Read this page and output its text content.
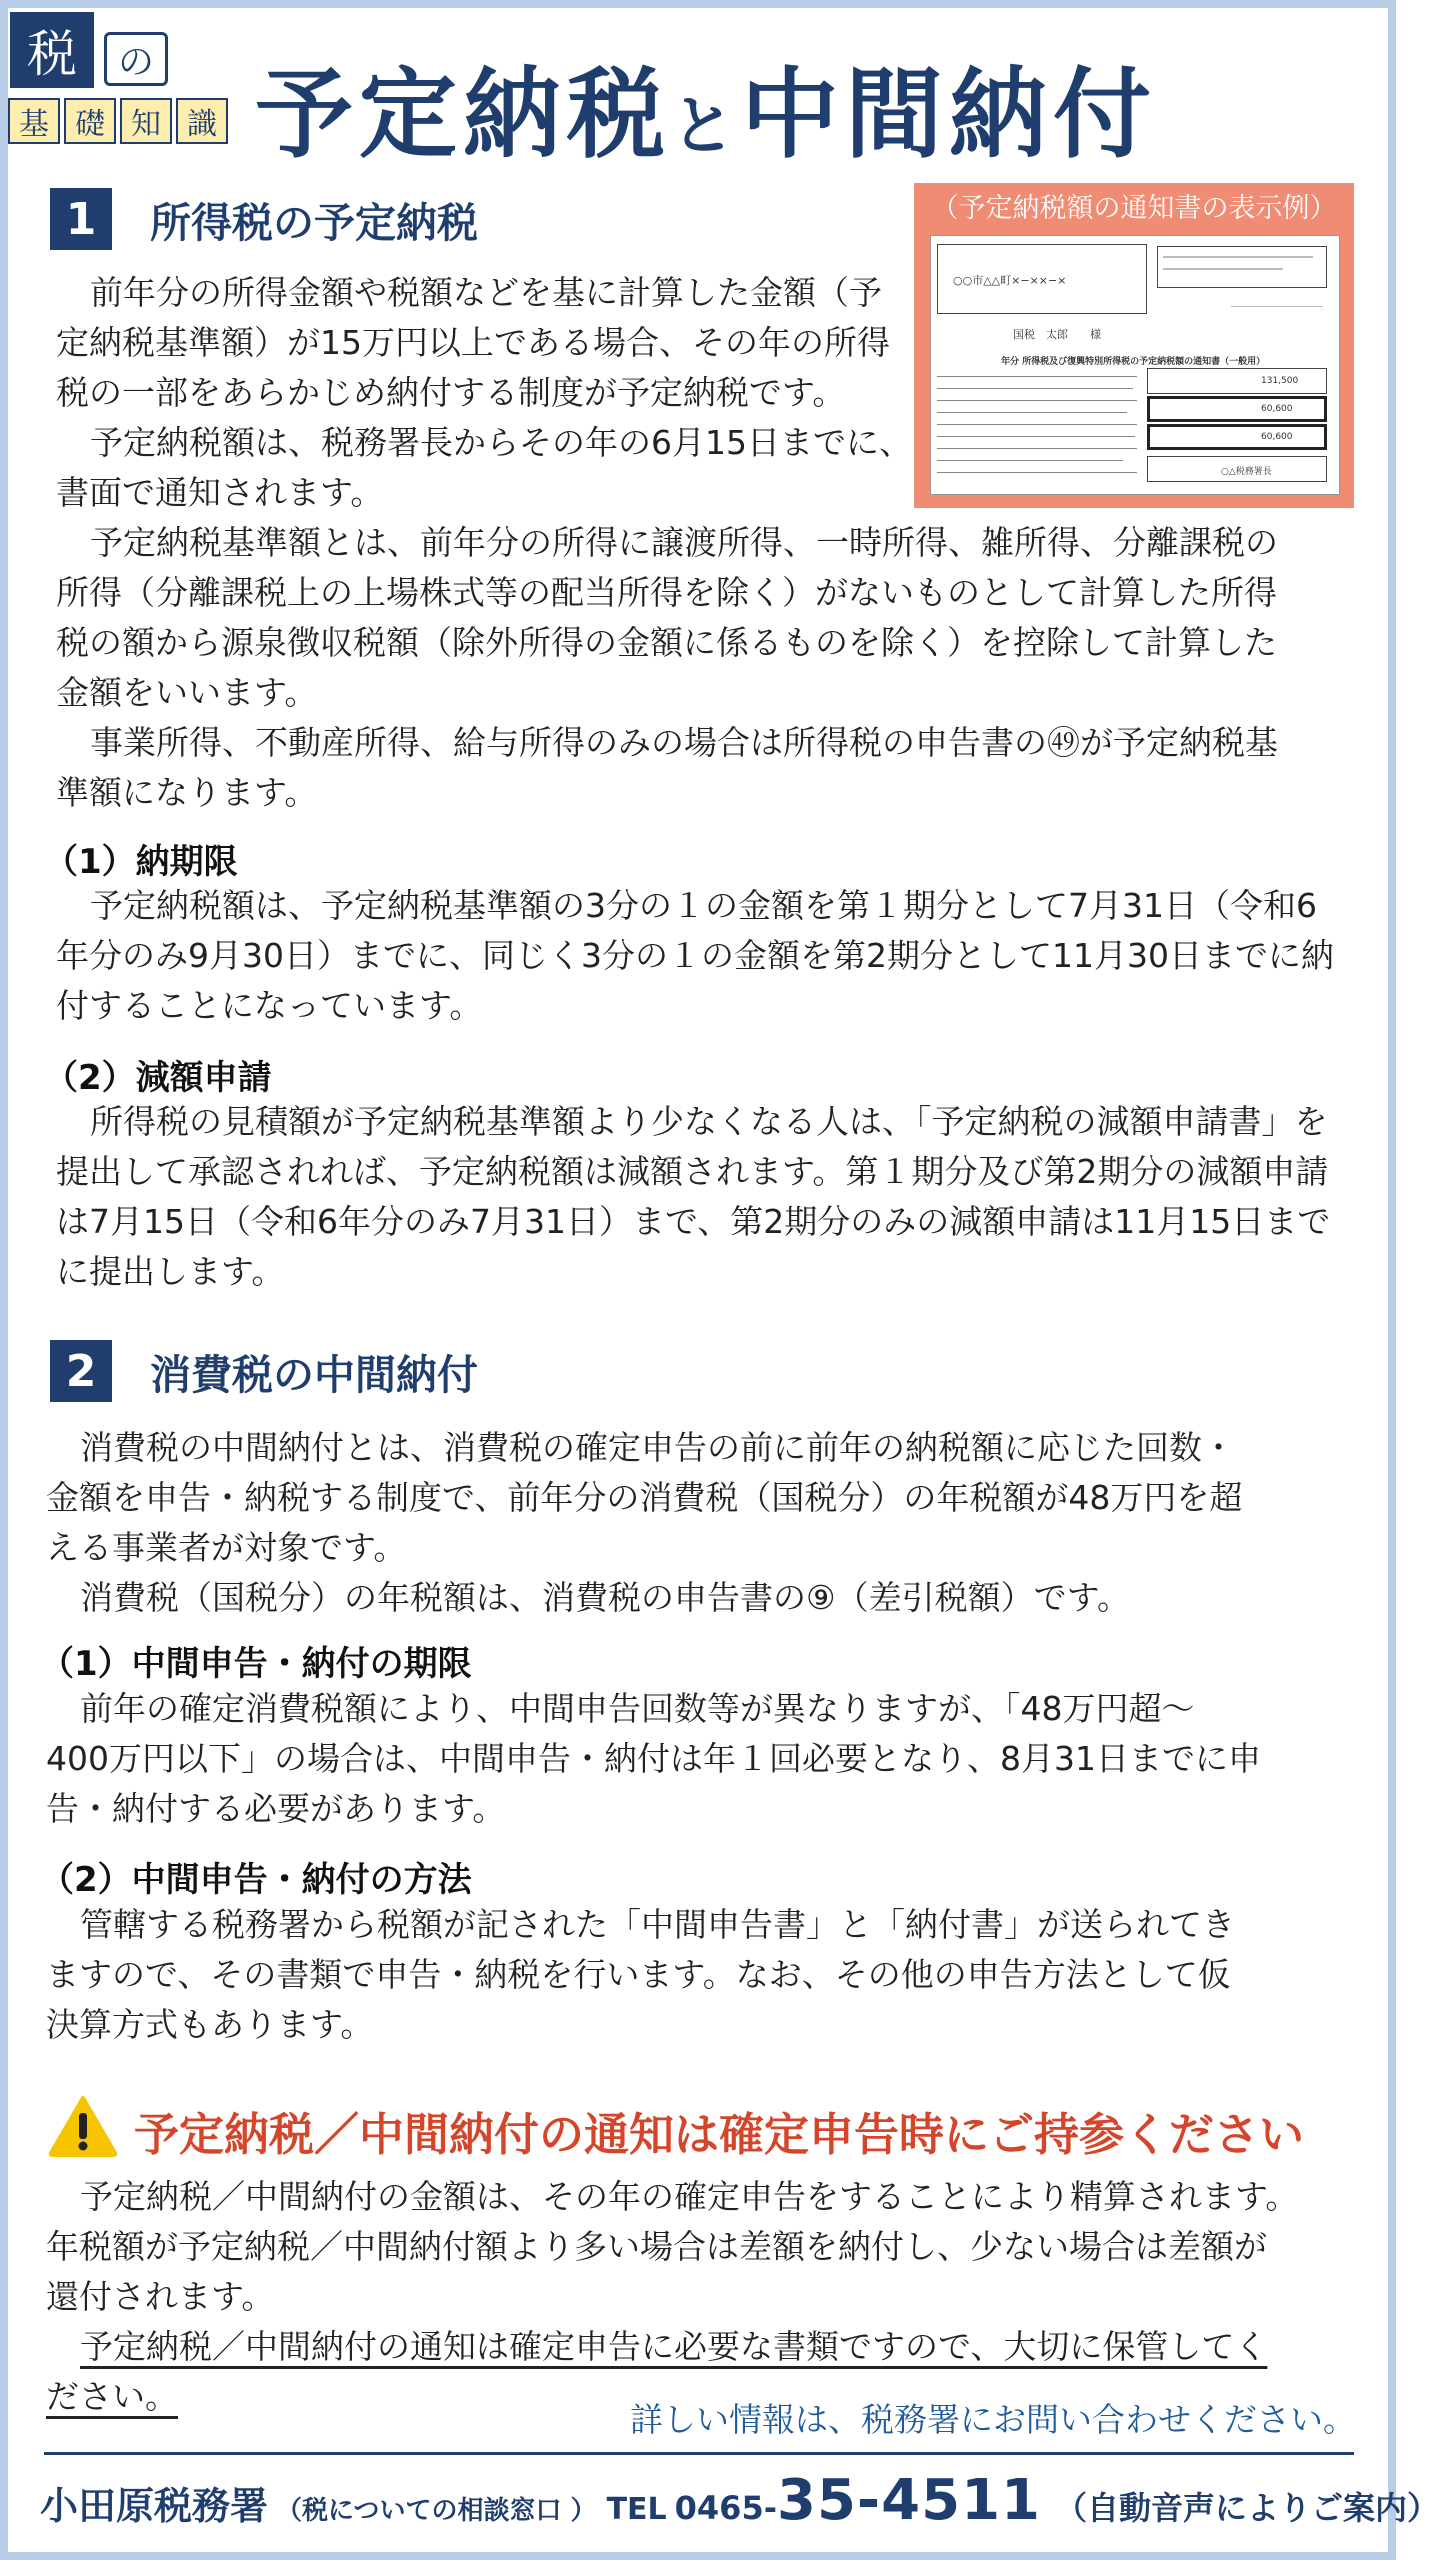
税	の
基 礎 知 識 予定納税と中間納付
1	所得税の予定納税	（予定納税額の通知書の表示例）
○○市△△町×−××−×
国税　太郎　　様
年分 所得税及び復興特別所得税の予定納税額の通知書（一般用）
131,500
60,600
60,600
○△税務署長
前年分の所得金額や税額などを基に計算した金額（予
定納税基準額）が15万円以上である場合、その年の所得
税の一部をあらかじめ納付する制度が予定納税です。
予定納税額は、税務署長からその年の6月15日までに、
書面で通知されます。
予定納税基準額とは、前年分の所得に譲渡所得、一時所得、雑所得、分離課税の
所得（分離課税上の上場株式等の配当所得を除く）がないものとして計算した所得
税の額から源泉徴収税額（除外所得の金額に係るものを除く）を控除して計算した
金額をいいます。
事業所得、不動産所得、給与所得のみの場合は所得税の申告書の㊾が予定納税基
準額になります。
（1）納期限
予定納税額は、予定納税基準額の3分の１の金額を第１期分として7月31日（令和6
年分のみ9月30日）までに、同じく3分の１の金額を第2期分として11月30日までに納
付することになっています。
（2）減額申請
所得税の見積額が予定納税基準額より少なくなる人は、「予定納税の減額申請書」を
提出して承認されれば、予定納税額は減額されます。第１期分及び第2期分の減額申請
は7月15日（令和6年分のみ7月31日）まで、第2期分のみの減額申請は11月15日まで
に提出します。
2	消費税の中間納付
消費税の中間納付とは、消費税の確定申告の前に前年の納税額に応じた回数・
金額を申告・納税する制度で、前年分の消費税（国税分）の年税額が48万円を超
える事業者が対象です。
消費税（国税分）の年税額は、消費税の申告書の⑨（差引税額）です。
（1）中間申告・納付の期限
前年の確定消費税額により、中間申告回数等が異なりますが、「48万円超〜
400万円以下」の場合は、中間申告・納付は年１回必要となり、8月31日までに申
告・納付する必要があります。
（2）中間申告・納付の方法
管轄する税務署から税額が記された「中間申告書」と「納付書」が送られてき
ますので、その書類で申告・納税を行います。なお、その他の申告方法として仮
決算方式もあります。
予定納税／中間納付の通知は確定申告時にご持参ください
予定納税／中間納付の金額は、その年の確定申告をすることにより精算されます。
年税額が予定納税／中間納付額より多い場合は差額を納付し、少ない場合は差額が
還付されます。
予定納税／中間納付の通知は確定申告に必要な書類ですので、大切に保管してく
ださい。
詳しい情報は、税務署にお問い合わせください。
小田原税務署 （税についての相談窓口 ） TEL 0465- 35-4511 （自動音声によりご案内）
